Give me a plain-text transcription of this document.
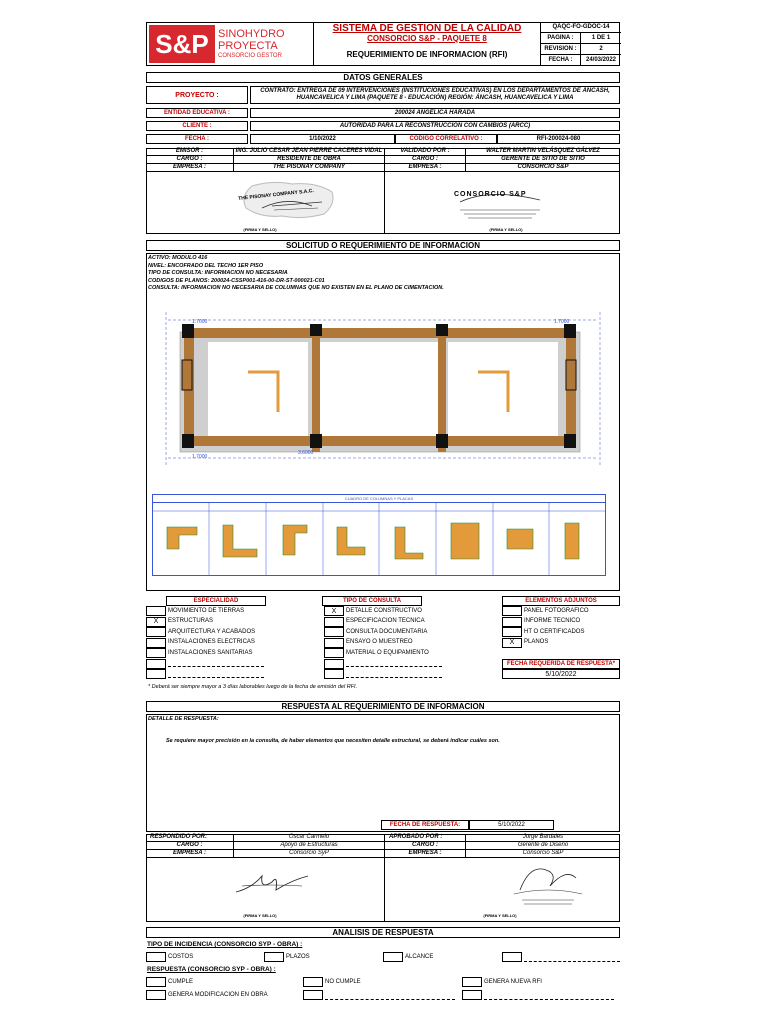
S&P SINOHYDRO
PROYECTA
CONSORCIO GESTOR
SISTEMA DE GESTION DE LA CALIDAD
CONSORCIO S&P - PAQUETE 8
REQUERIMIENTO DE INFORMACION (RFI)
QAQC-FO-GDOC-14
PAGINA :	1 DE 1
REVISION :	2
FECHA :	24/03/2022
DATOS GENERALES
PROYECTO :
CONTRATO: ENTREGA DE 09 INTERVENCIONES (INSTITUCIONES EDUCATIVAS) EN LOS DEPARTAMENTOS DE ÁNCASH, HUANCAVELICA Y LIMA (PAQUETE 8 - EDUCACIÓN) REGIÓN: ÁNCASH, HUANCAVELICA Y LIMA
ENTIDAD EDUCATIVA :	200024 ANGÉLICA HARADA
CLIENTE :	AUTORIDAD PARA LA RECONSTRUCCION CON CAMBIOS (ARCC)
FECHA :	1/10/2022	CODIGO CORRELATIVO :	RFI-200024-080
EMISOR :	ING. JULIO CESAR JEAN PIERRE CACERES VIDAL	VALIDADO POR :	WALTER MARTIN VELÁSQUEZ GÁLVEZ
CARGO :	RESIDENTE DE OBRA	CARGO :	GERENTE DE SITIO DE SITIO
EMPRESA :	THE PISONAY COMPANY	EMPRESA :	CONSORCIO S&P
THE PISONAY COMPANY S.A.C.
(FIRMA Y SELLO)
CONSORCIO S&P
(FIRMA Y SELLO)
SOLICITUD O REQUERIMIENTO DE INFORMACION
ACTIVO: MODULO 416
NIVEL: ENCOFRADO DEL TECHO 1ER PISO
TIPO DE CONSULTA: INFORMACION NO NECESARIA
CODIGOS DE PLANOS: 200024-CSSP001-416-00-DR-ST-000021-C01
CONSULTA: INFORMACION NO NECESARIA DE COLUMNAS QUE NO EXISTEN EN EL PLANO DE CIMENTACION.
1.7000	1.7000
1.7000
3.6000
CUADRO DE COLUMNAS Y PLACAS
ESPECIALIDAD
MOVIMIENTO DE TIERRAS
X	ESTRUCTURAS
ARQUITECTURA Y ACABADOS
INSTALACIONES ELECTRICAS
INSTALACIONES SANITARIAS
TIPO DE CONSULTA
X	DETALLE CONSTRUCTIVO
ESPECIFICACION TECNICA
CONSULTA DOCUMENTARIA
ENSAYO O MUESTREO
MATERIAL O EQUIPAMIENTO
ELEMENTOS ADJUNTOS
PANEL FOTOGRAFICO
INFORME TECNICO
HT O CERTIFICADOS
X	PLANOS
FECHA REQUERIDA DE RESPUESTA*
5/10/2022
* Deberá ser siempre mayor a 3 días laborables luego de la fecha de emisión del RFI.
RESPUESTA AL REQUERIMIENTO DE INFORMACION
DETALLE DE RESPUESTA:
Se requiere mayor precisión en la consulta, de haber elementos que necesiten detalle estructural, se deberá indicar cuáles son.
FECHA DE RESPUESTA:	5/10/2022
RESPONDIDO POR:	Oscar Carmelo	APROBADO POR :	Jorge Bardales
CARGO :	Apoyo de Estructuras	CARGO :	Gerente de Diseño
EMPRESA :	Consorcio SyP	EMPRESA :	Consorcio S&P
(FIRMA Y SELLO)	(FIRMA Y SELLO)
ANALISIS DE RESPUESTA
TIPO DE INCIDENCIA (CONSORCIO SYP - OBRA) :
COSTOS	PLAZOS	ALCANCE
RESPUESTA (CONSORCIO SYP - OBRA) :
CUMPLE	NO CUMPLE	GENERA NUEVA RFI
GENERA MODIFICACION EN OBRA
